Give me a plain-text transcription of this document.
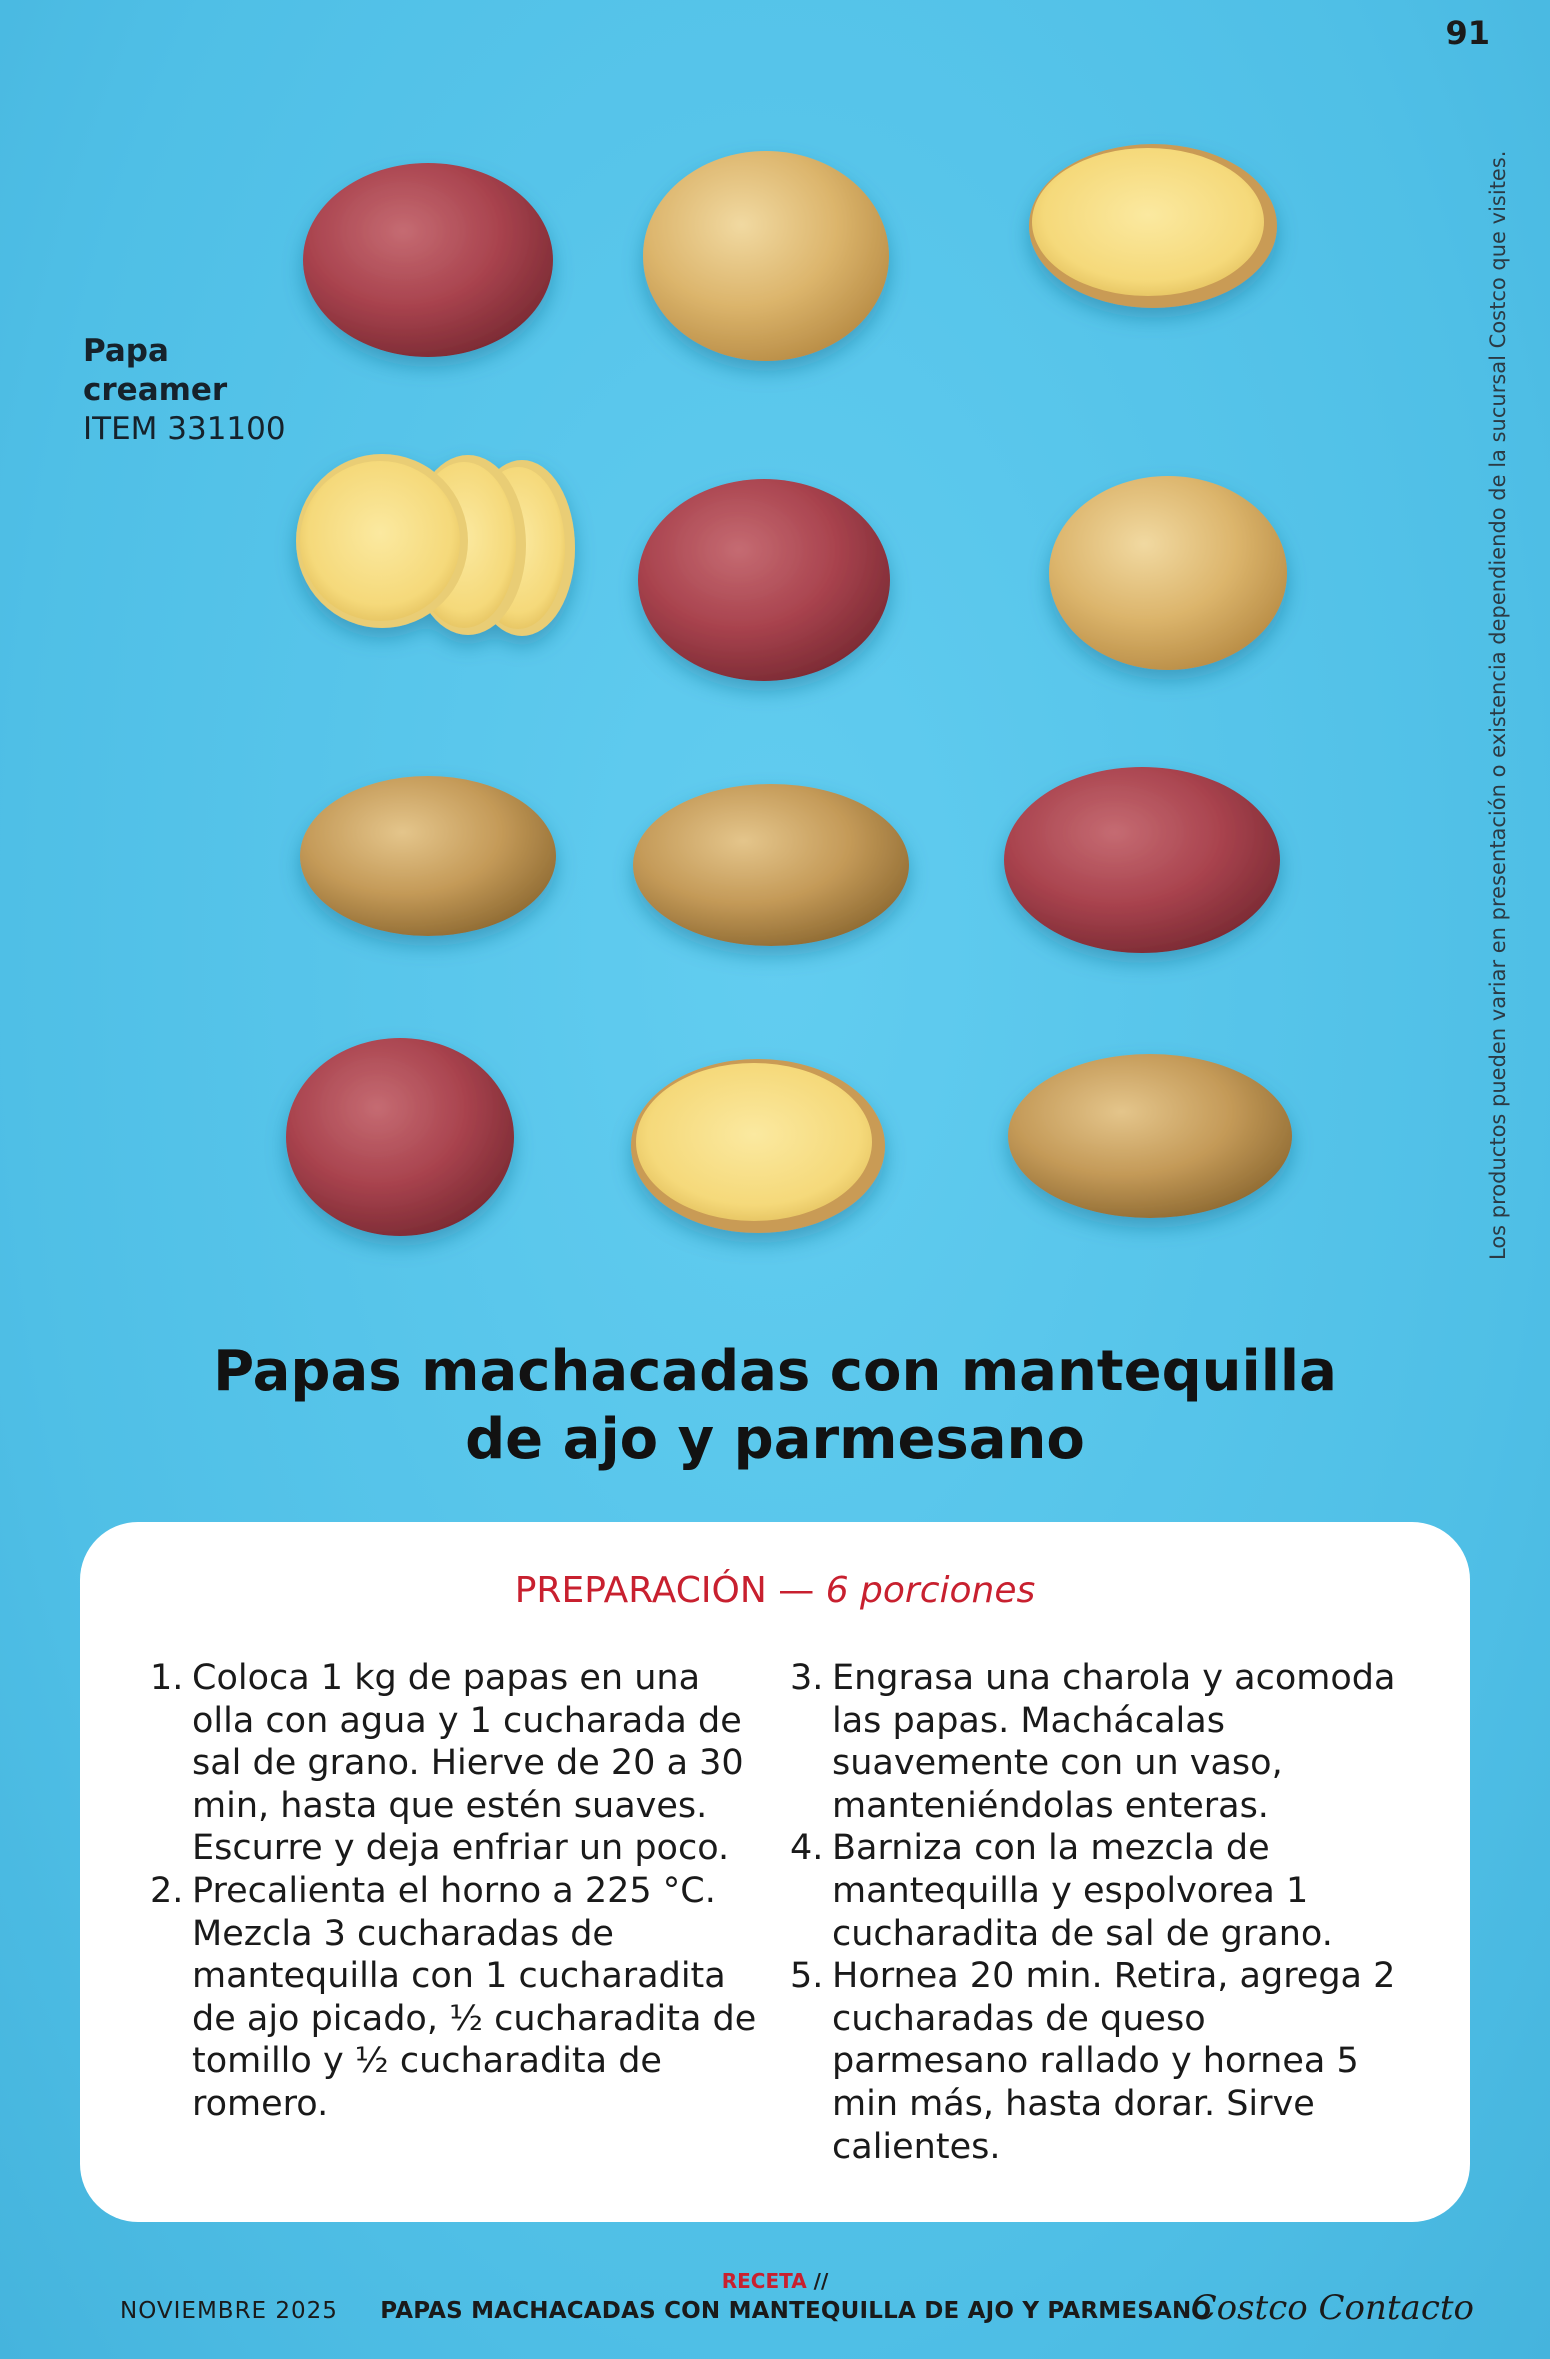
91
Los productos pueden variar en presentación o existencia dependiendo de la sucursal Costco que visites.
Papa
creamer
ITEM 331100
Papas machacadas con mantequilla
de ajo y parmesano
PREPARACIÓN — 6 porciones
1. Coloca 1 kg de papas en una olla con agua y 1 cucharada de sal de grano. Hierve de 20 a 30 min, hasta que estén suaves. Escurre y deja enfriar un poco.
2. Precalienta el horno a 225 °C. Mezcla 3 cucharadas de mantequilla con 1 cucharadita de ajo picado, ½ cucharadita de tomillo y ½ cucharadita de romero.
3. Engrasa una charola y acomoda las papas. Machácalas suavemente con un vaso, manteniéndolas enteras.
4. Barniza con la mezcla de mantequilla y espolvorea 1 cucharadita de sal de grano.
5. Hornea 20 min. Retira, agrega 2 cucharadas de queso parmesano rallado y hornea 5 min más, hasta dorar. Sirve calientes.
RECETA //
NOVIEMBRE 2025 PAPAS MACHACADAS CON MANTEQUILLA DE AJO Y PARMESANO
Costco Contacto
